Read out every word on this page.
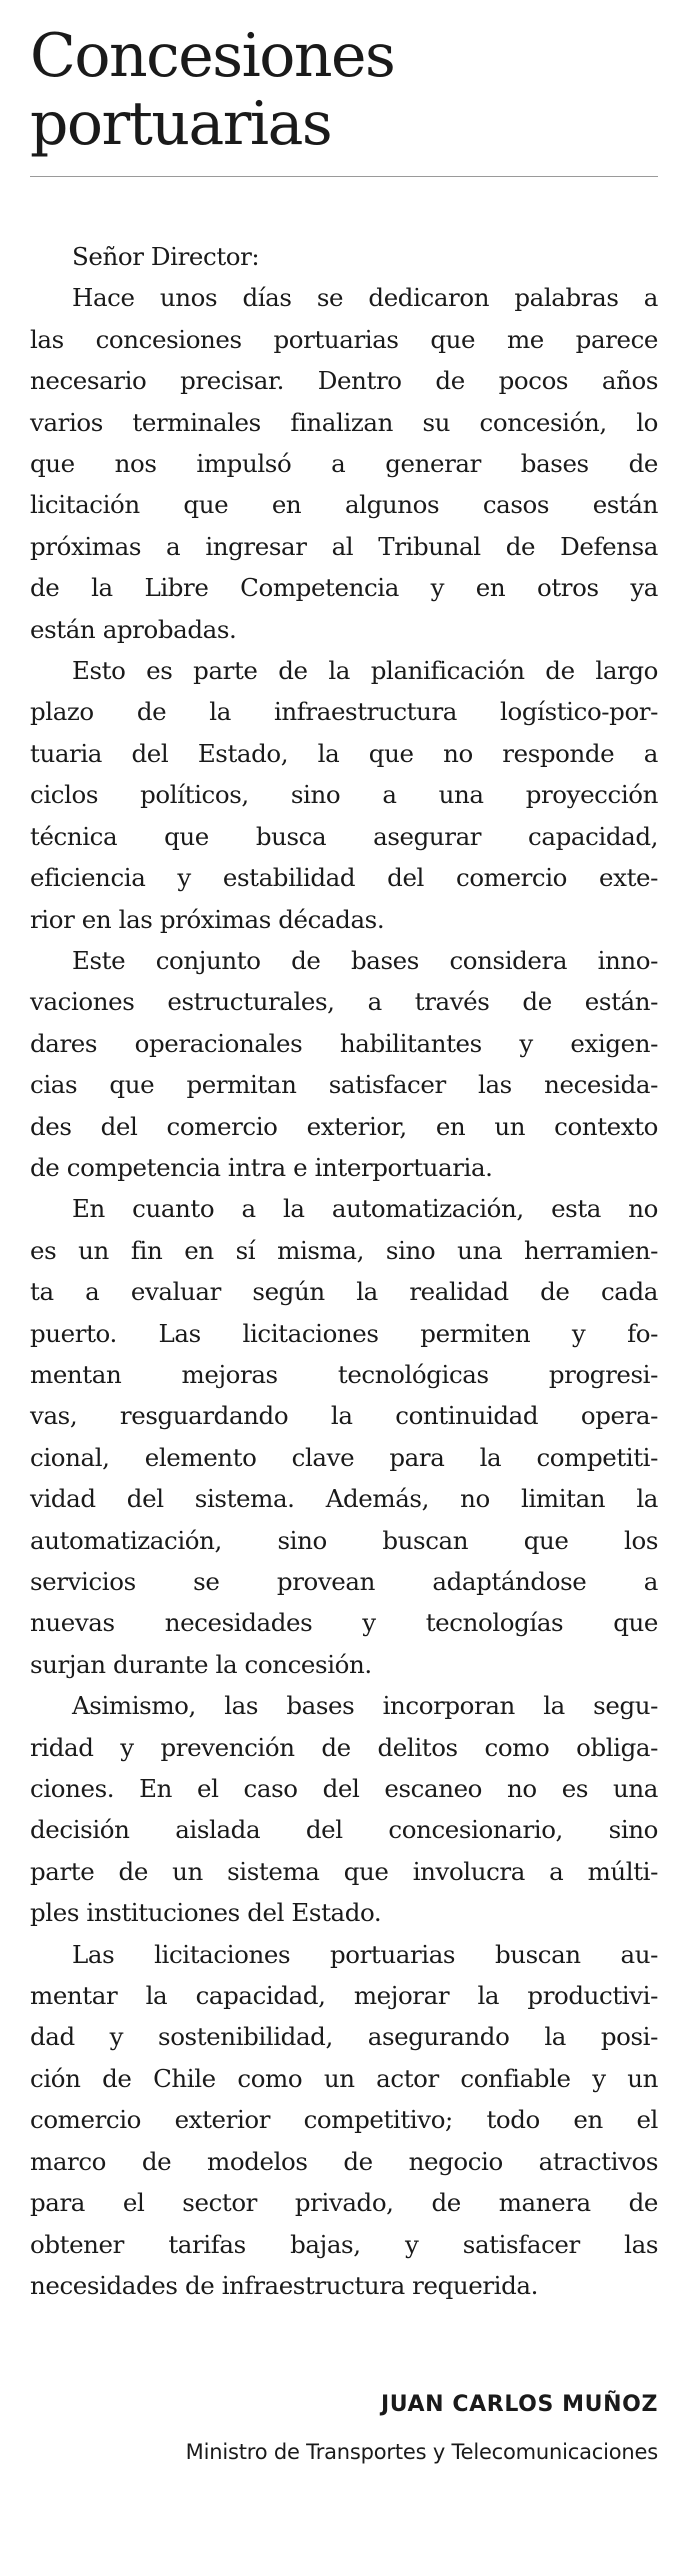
Concesiones
portuarias
Señor Director:
Hace unos días se dedicaron palabras a
las concesiones portuarias que me parece
necesario precisar. Dentro de pocos años
varios terminales finalizan su concesión, lo
que nos impulsó a generar bases de
licitación que en algunos casos están
próximas a ingresar al Tribunal de Defensa
de la Libre Competencia y en otros ya
están aprobadas.
Esto es parte de la planificación de largo
plazo de la infraestructura logístico-por-
tuaria del Estado, la que no responde a
ciclos políticos, sino a una proyección
técnica que busca asegurar capacidad,
eficiencia y estabilidad del comercio exte-
rior en las próximas décadas.
Este conjunto de bases considera inno-
vaciones estructurales, a través de están-
dares operacionales habilitantes y exigen-
cias que permitan satisfacer las necesida-
des del comercio exterior, en un contexto
de competencia intra e interportuaria.
En cuanto a la automatización, esta no
es un fin en sí misma, sino una herramien-
ta a evaluar según la realidad de cada
puerto. Las licitaciones permiten y fo-
mentan mejoras tecnológicas progresi-
vas, resguardando la continuidad opera-
cional, elemento clave para la competiti-
vidad del sistema. Además, no limitan la
automatización, sino buscan que los
servicios se provean adaptándose a
nuevas necesidades y tecnologías que
surjan durante la concesión.
Asimismo, las bases incorporan la segu-
ridad y prevención de delitos como obliga-
ciones. En el caso del escaneo no es una
decisión aislada del concesionario, sino
parte de un sistema que involucra a múlti-
ples instituciones del Estado.
Las licitaciones portuarias buscan au-
mentar la capacidad, mejorar la productivi-
dad y sostenibilidad, asegurando la posi-
ción de Chile como un actor confiable y un
comercio exterior competitivo; todo en el
marco de modelos de negocio atractivos
para el sector privado, de manera de
obtener tarifas bajas, y satisfacer las
necesidades de infraestructura requerida.
JUAN CARLOS MUÑOZ
Ministro de Transportes y Telecomunicaciones
